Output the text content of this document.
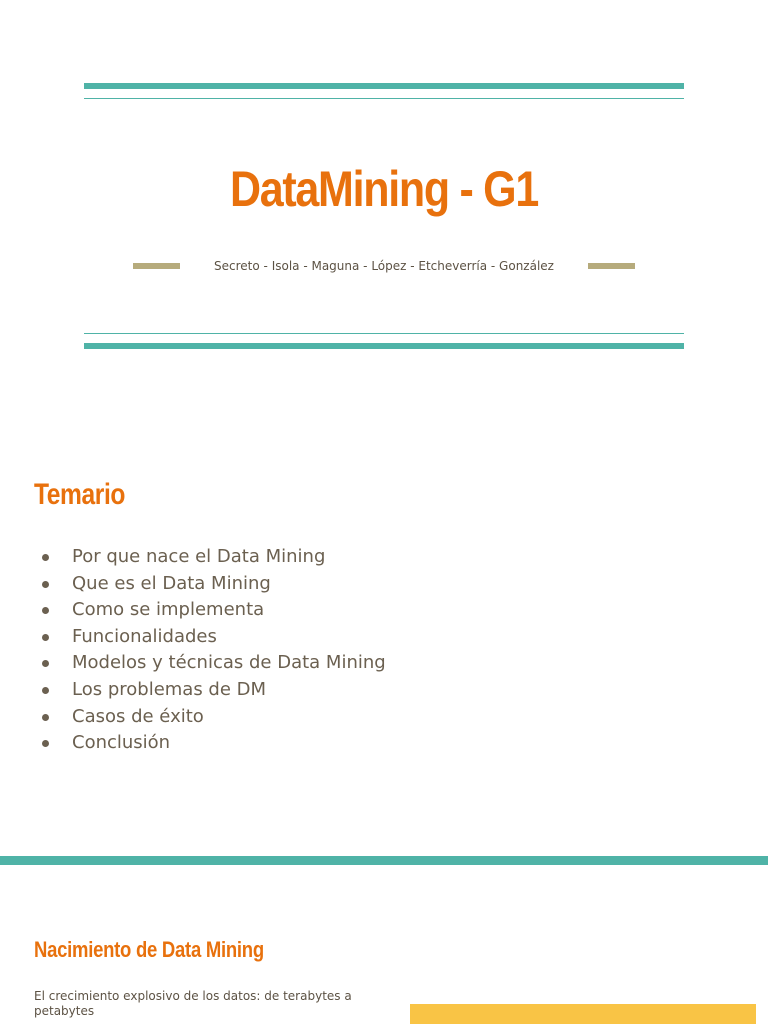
DataMining - G1
Secreto - Isola - Maguna - López - Etcheverría - González
Temario
Por que nace el Data Mining
Que es el Data Mining
Como se implementa
Funcionalidades
Modelos y técnicas de Data Mining
Los problemas de DM
Casos de éxito
Conclusión
Nacimiento de Data Mining
El crecimiento explosivo de los datos: de terabytes a petabytes
